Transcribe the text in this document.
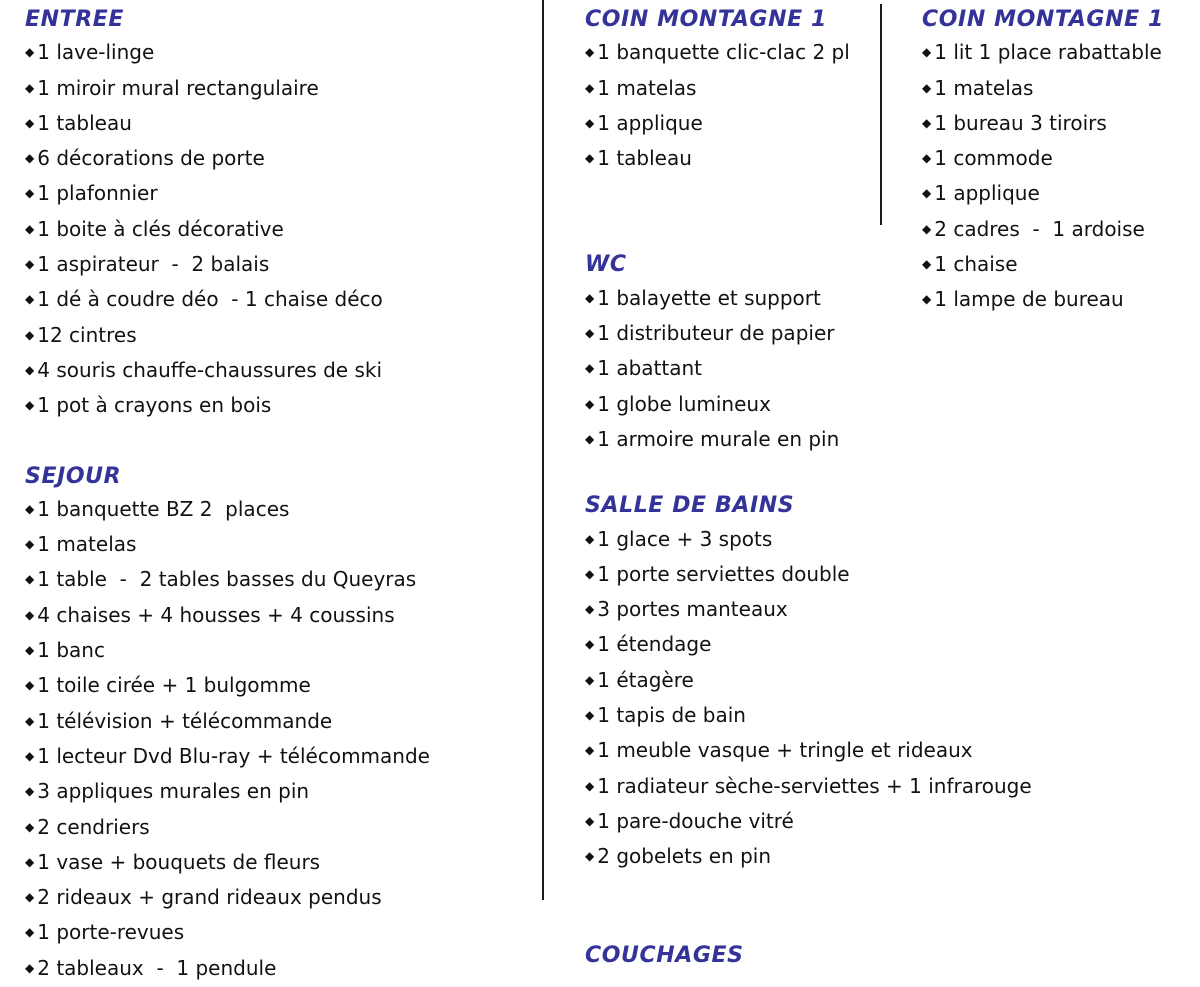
ENTREE
◆ 1 lave-linge
◆ 1 miroir mural rectangulaire
◆ 1 tableau
◆ 6 décorations de porte
◆ 1 plafonnier
◆ 1 boite à clés décorative
◆ 1 aspirateur  -  2 balais
◆ 1 dé à coudre déo  - 1 chaise déco
◆ 12 cintres
◆ 4 souris chauffe-chaussures de ski
◆ 1 pot à crayons en bois
SEJOUR
◆ 1 banquette BZ 2  places
◆ 1 matelas
◆ 1 table  -  2 tables basses du Queyras
◆ 4 chaises + 4 housses + 4 coussins
◆ 1 banc
◆ 1 toile cirée + 1 bulgomme
◆ 1 télévision + télécommande
◆ 1 lecteur Dvd Blu-ray + télécommande
◆ 3 appliques murales en pin
◆ 2 cendriers
◆ 1 vase + bouquets de fleurs
◆ 2 rideaux + grand rideaux pendus
◆ 1 porte-revues
◆ 2 tableaux  -  1 pendule
COIN MONTAGNE 1
◆ 1 banquette clic-clac 2 pl
◆ 1 matelas
◆ 1 applique
◆ 1 tableau
WC
◆ 1 balayette et support
◆ 1 distributeur de papier
◆ 1 abattant
◆ 1 globe lumineux
◆ 1 armoire murale en pin
SALLE DE BAINS
◆ 1 glace + 3 spots
◆ 1 porte serviettes double
◆ 3 portes manteaux
◆ 1 étendage
◆ 1 étagère
◆ 1 tapis de bain
◆ 1 meuble vasque + tringle et rideaux
◆ 1 radiateur sèche-serviettes + 1 infrarouge
◆ 1 pare-douche vitré
◆ 2 gobelets en pin
COUCHAGES
COIN MONTAGNE 1
◆ 1 lit 1 place rabattable
◆ 1 matelas
◆ 1 bureau 3 tiroirs
◆ 1 commode
◆ 1 applique
◆ 2 cadres  -  1 ardoise
◆ 1 chaise
◆ 1 lampe de bureau
